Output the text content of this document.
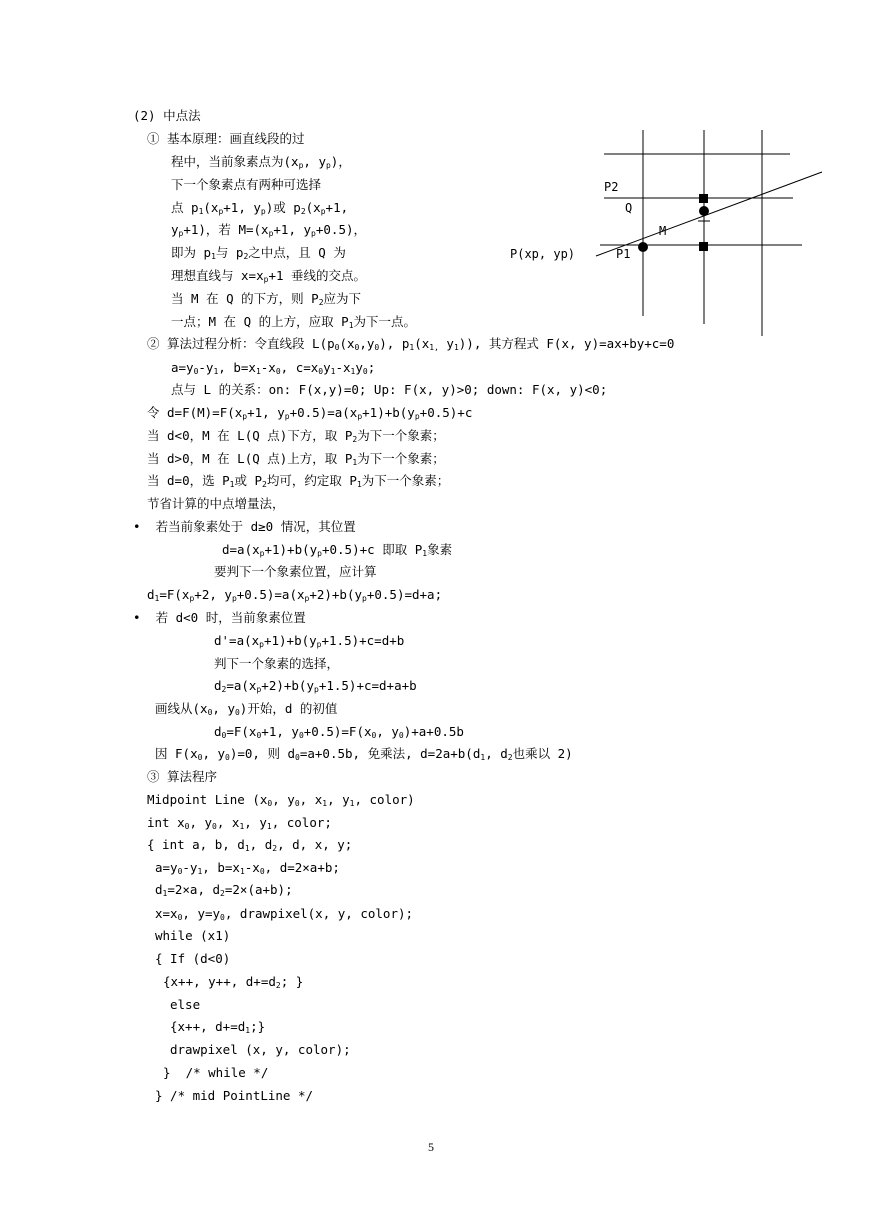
(2) 中点法
① 基本原理：画直线段的过
程中，当前象素点为($x_p$, $y_p$)，
下一个象素点有两种可选择
点 $p_1(x_p+1$, $y_p$)或 $p_2(x_p+1$,
$y_p+1$)，若 $M=(x_p+1$, $y_p+0.5$)，
即为 $p_1$与 $p_2$之中点，且 Q 为
理想直线与 $x=x_p+1$ 垂线的交点。
当 M 在 Q 的下方，则 $P_2$应为下
一点；M 在 Q 的上方，应取 $P_1$为下一点。
② 算法过程分析：令直线段 $L(p_0(x_0,y_0)$, $p_1(x_{1,}$ $y_1$)), 其方程式 F(x, y)=ax+by+c=0
$a=y_0-y_1$, $b=x_1-x_0$, $c=x_0y_1-x_1y_0$;
点与 L 的关系：on: F(x,y)=0; Up: F(x, y)>0; down: F(x, y)<0;
令 $d=F(M)=F(x_p+1$, $y_p+0.5)=a(x_p+1)+b(y_p+0.5)+c$
当 d<0，M 在 L(Q 点)下方，取 $P_2$为下一个象素；
当 d>0，M 在 L(Q 点)上方，取 $P_1$为下一个象素；
当 d=0，选 $P_1$或 $P_2$均可，约定取 $P_1$为下一个象素；
节省计算的中点增量法，
•  若当前象素处于 d≥0 情况，其位置
$d=a(x_p+1)+b(y_p+0.5)+c$ 即取 $P_1$象素
要判下一个象素位置，应计算
$d_1=F(x_p+2$, $y_p+0.5)=a(x_p+2)+b(y_p+0.5)=d+a$;
•  若 d<0 时，当前象素位置
$d'=a(x_p+1)+b(y_p+1.5)+c=d+b$
判下一个象素的选择，
$d_2=a(x_p+2)+b(y_p+1.5)+c=d+a+b$
画线从($x_0$, $y_0$)开始，d 的初值
$d_0=F(x_0+1$, $y_0+0.5)=F(x_0$, $y_0)+a+0.5b$
因 $F(x_0$, $y_0)=0$, 则 $d_0=a+0.5b$, 免乘法, $d=2a+b(d_1$, $d_2$也乘以 2)
③ 算法程序
Midpoint Line ($x_0$, $y_0$, $x_1$, $y_1$, color)
int $x_0$, $y_0$, $x_1$, $y_1$, color;
{ int a, b, $d_1$, $d_2$, d, x, y;
$a=y_0-y_1$, $b=x_1-x_0$, d=2×a+b;
$d_1=2\times a$, $d_2=2\times(a+b)$;
$x=x_0$, $y=y_0$, drawpixel(x, y, color);
while (x1)
{ If (d<0)
{x++, y++, $d+=d_2$; }
else
{x++, $d+=d_1$;}
drawpixel (x, y, color);
}  /* while */
} /* mid PointLine */
P2
Q
M
P1
P(xp, yp)
5
